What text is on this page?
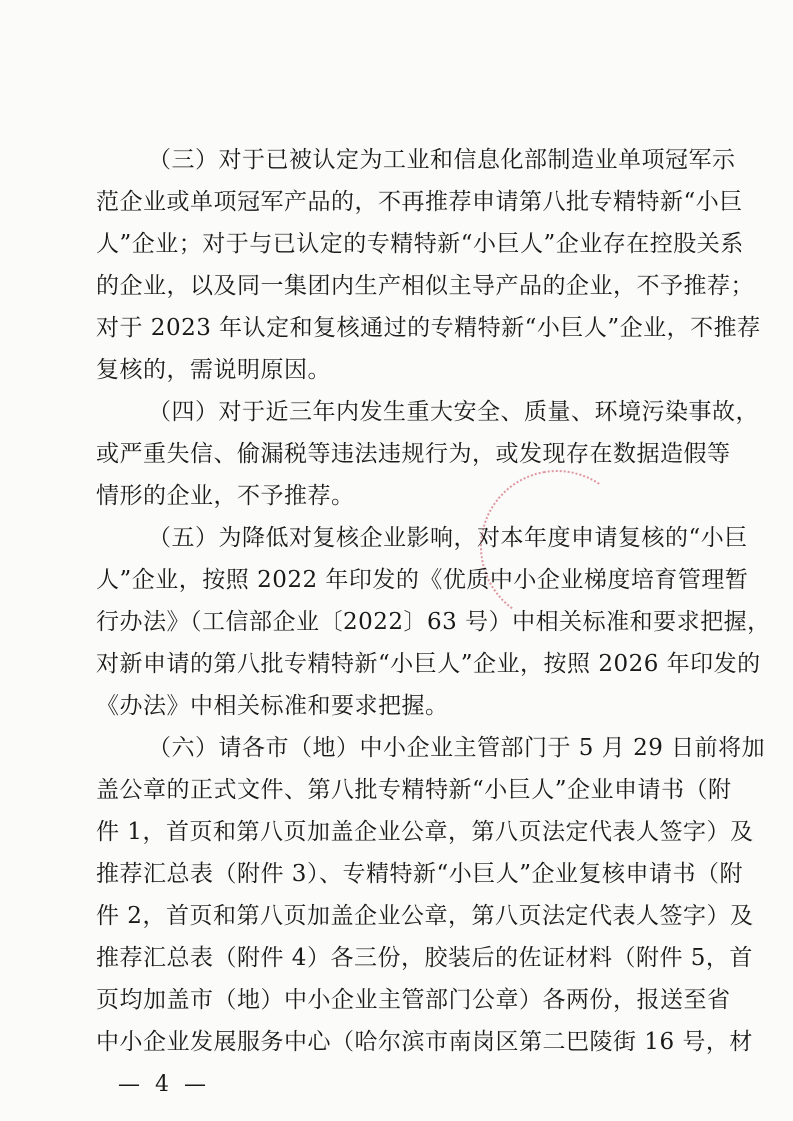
（三）对于已被认定为工业和信息化部制造业单项冠军示
范企业或单项冠军产品的，不再推荐申请第八批专精特新“小巨
人”企业；对于与已认定的专精特新“小巨人”企业存在控股关系
的企业，以及同一集团内生产相似主导产品的企业，不予推荐；
对于 2023 年认定和复核通过的专精特新“小巨人”企业，不推荐
复核的，需说明原因。
（四）对于近三年内发生重大安全、质量、环境污染事故，
或严重失信、偷漏税等违法违规行为，或发现存在数据造假等
情形的企业，不予推荐。
（五）为降低对复核企业影响，对本年度申请复核的“小巨
人”企业，按照 2022 年印发的《优质中小企业梯度培育管理暂
行办法》（工信部企业〔2022〕63 号）中相关标准和要求把握，
对新申请的第八批专精特新“小巨人”企业，按照 2026 年印发的
《办法》中相关标准和要求把握。
（六）请各市（地）中小企业主管部门于 5 月 29 日前将加
盖公章的正式文件、第八批专精特新“小巨人”企业申请书（附
件 1，首页和第八页加盖企业公章，第八页法定代表人签字）及
推荐汇总表（附件 3）、专精特新“小巨人”企业复核申请书（附
件 2，首页和第八页加盖企业公章，第八页法定代表人签字）及
推荐汇总表（附件 4）各三份，胶装后的佐证材料（附件 5，首
页均加盖市（地）中小企业主管部门公章）各两份，报送至省
中小企业发展服务中心（哈尔滨市南岗区第二巴陵街 16 号，材
— 4 —
